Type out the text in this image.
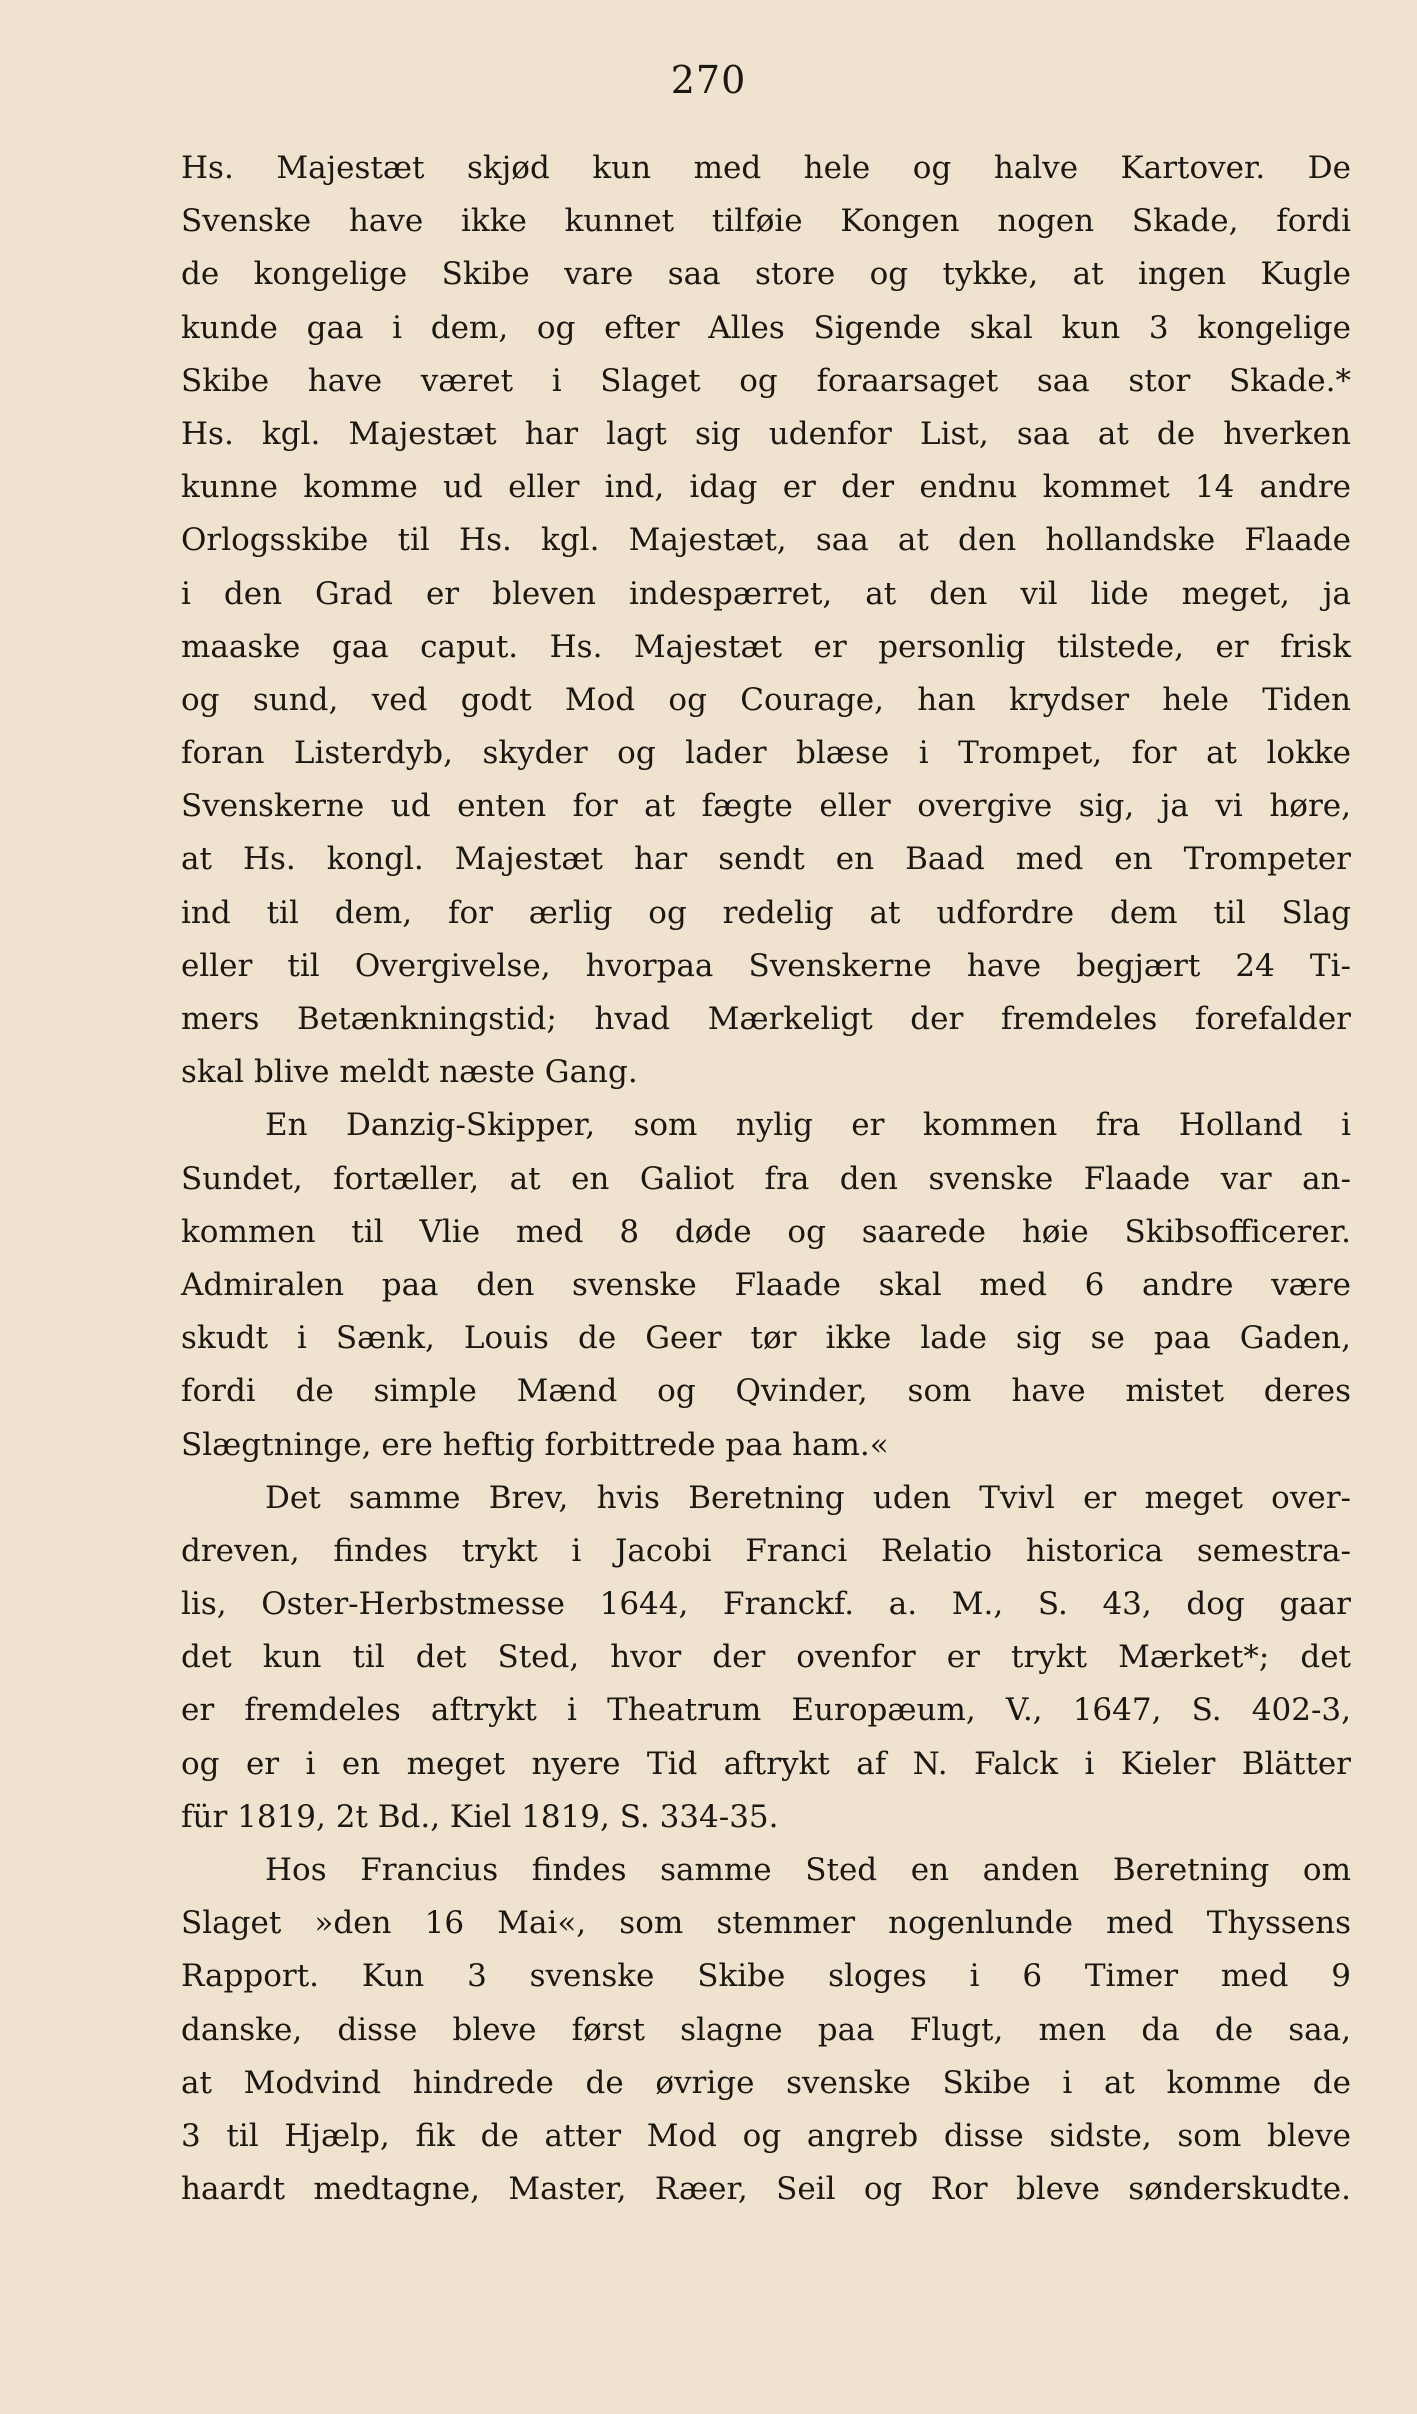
270
Hs. Majestæt skjød kun med hele og halve Kartover. De
Svenske have ikke kunnet tilføie Kongen nogen Skade, fordi
de kongelige Skibe vare saa store og tykke, at ingen Kugle
kunde gaa i dem, og efter Alles Sigende skal kun 3 kongelige
Skibe have været i Slaget og foraarsaget saa stor Skade.*
Hs. kgl. Majestæt har lagt sig udenfor List, saa at de hverken
kunne komme ud eller ind, idag er der endnu kommet 14 andre
Orlogsskibe til Hs. kgl. Majestæt, saa at den hollandske Flaade
i den Grad er bleven indespærret, at den vil lide meget, ja
maaske gaa caput. Hs. Majestæt er personlig tilstede, er frisk
og sund, ved godt Mod og Courage, han krydser hele Tiden
foran Listerdyb, skyder og lader blæse i Trompet, for at lokke
Svenskerne ud enten for at fægte eller overgive sig, ja vi høre,
at Hs. kongl. Majestæt har sendt en Baad med en Trompeter
ind til dem, for ærlig og redelig at udfordre dem til Slag
eller til Overgivelse, hvorpaa Svenskerne have begjært 24 Ti-
mers Betænkningstid; hvad Mærkeligt der fremdeles forefalder
skal blive meldt næste Gang.
En Danzig-Skipper, som nylig er kommen fra Holland i
Sundet, fortæller, at en Galiot fra den svenske Flaade var an-
kommen til Vlie med 8 døde og saarede høie Skibsofficerer.
Admiralen paa den svenske Flaade skal med 6 andre være
skudt i Sænk, Louis de Geer tør ikke lade sig se paa Gaden,
fordi de simple Mænd og Qvinder, som have mistet deres
Slægtninge, ere heftig forbittrede paa ham.«
Det samme Brev, hvis Beretning uden Tvivl er meget over-
dreven, findes trykt i Jacobi Franci Relatio historica semestra-
lis, Oster-Herbstmesse 1644, Franckf. a. M., S. 43, dog gaar
det kun til det Sted, hvor der ovenfor er trykt Mærket*; det
er fremdeles aftrykt i Theatrum Europæum, V., 1647, S. 402-3,
og er i en meget nyere Tid aftrykt af N. Falck i Kieler Blätter
für 1819, 2t Bd., Kiel 1819, S. 334-35.
Hos Francius findes samme Sted en anden Beretning om
Slaget »den 16 Mai«, som stemmer nogenlunde med Thyssens
Rapport. Kun 3 svenske Skibe sloges i 6 Timer med 9
danske, disse bleve først slagne paa Flugt, men da de saa,
at Modvind hindrede de øvrige svenske Skibe i at komme de
3 til Hjælp, fik de atter Mod og angreb disse sidste, som bleve
haardt medtagne, Master, Ræer, Seil og Ror bleve sønderskudte.
